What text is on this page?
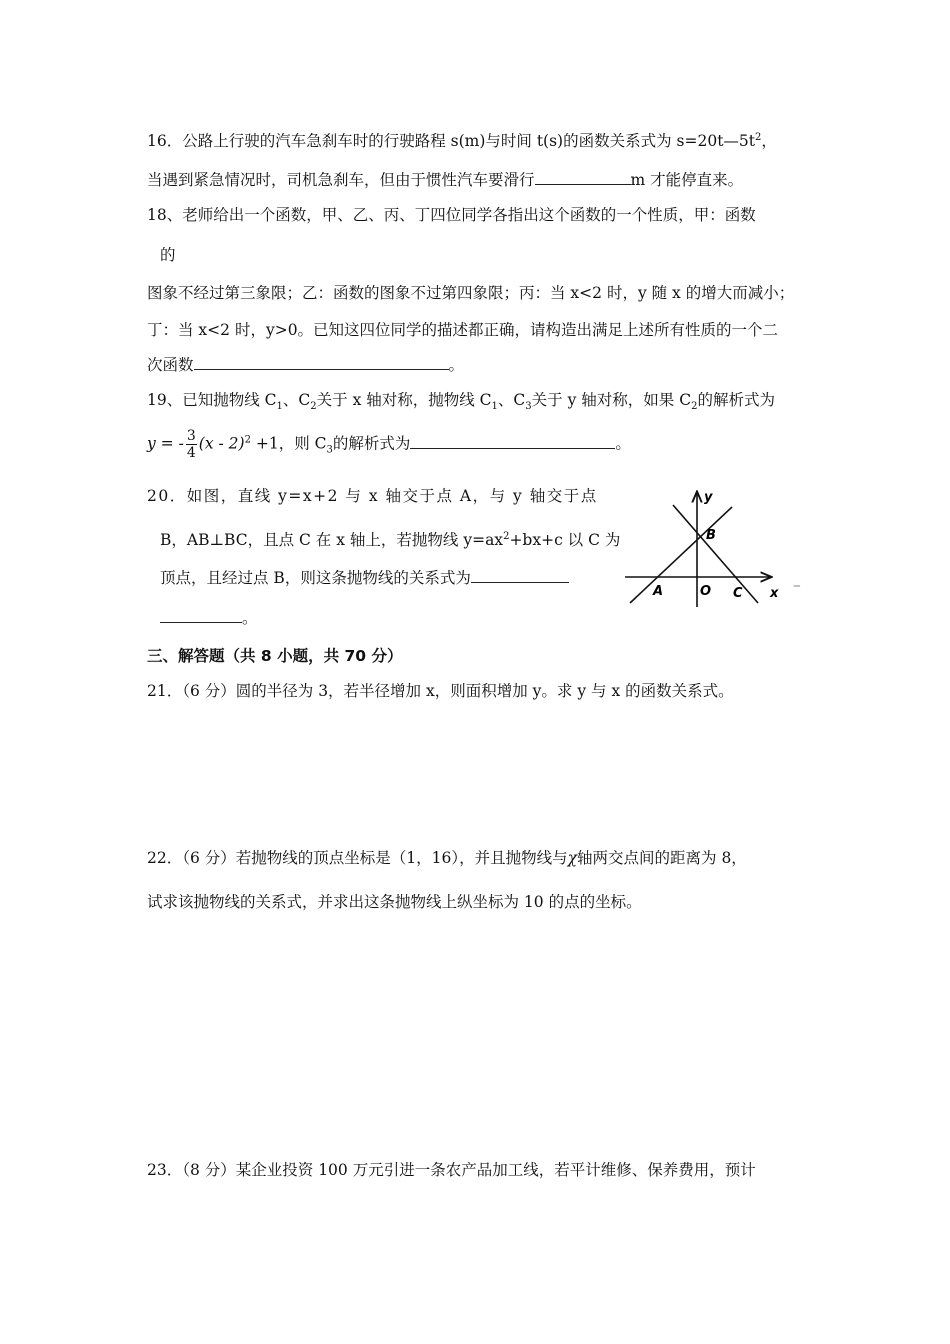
16．公路上行驶的汽车急刹车时的行驶路程 s(m)与时间 t(s)的函数关系式为 $s=20t—5t^2$，
当遇到紧急情况时，司机急刹车，但由于惯性汽车要滑行	m 才能停直来。
18、老师给出一个函数，甲、乙、丙、丁四位同学各指出这个函数的一个性质，甲：函数
的
图象不经过第三象限；乙：函数的图象不过第四象限；丙：当 x<2 时，y 随 x 的增大而减小；
丁：当 x<2 时，y>0。已知这四位同学的描述都正确，请构造出满足上述所有性质的一个二
次函数	。
19、已知抛物线 $C_1$、$C_2$关于 x 轴对称，抛物线 $C_1$、$C_3$关于 y 轴对称，如果 $C_2$的解析式为
y = - $\frac{3}{4} (x - 2)^2 +1$，则 $C_3$的解析式为	。
20．如图，直线 y=x+2 与 x 轴交于点 A，与 y 轴交于点
B，AB⊥BC，且点 C 在 x 轴上，若抛物线 $y=ax^2+bx+c$ 以 C 为
顶点，且经过点 B，则这条抛物线的关系式为
。
–
y
x
B
A	O C
三、解答题（共 8 小题，共 70 分）
21．（6 分）圆的半径为 3，若半径增加 x，则面积增加 y。求 y 与 x 的函数关系式。
22．（6 分）若抛物线的顶点坐标是（1，16），并且抛物线与χ轴两交点间的距离为 8，
试求该抛物线的关系式，并求出这条抛物线上纵坐标为 10 的点的坐标。
23．（8 分）某企业投资 100 万元引进一条农产品加工线，若平计维修、保养费用，预计
